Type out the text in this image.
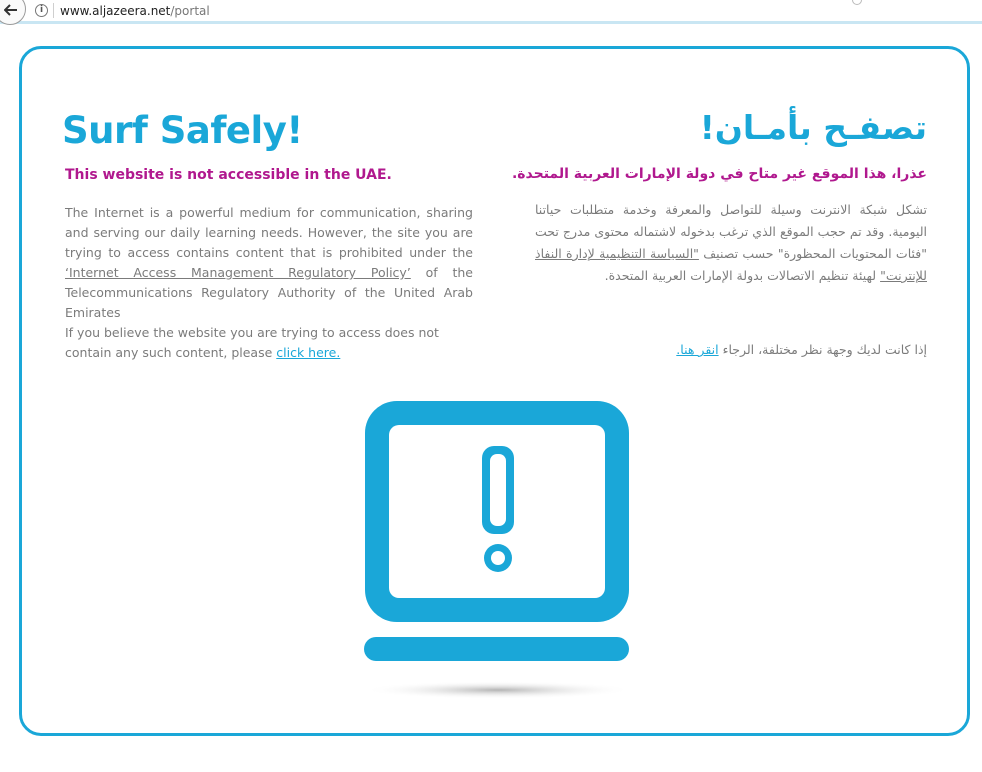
i	www.aljazeera.net/portal
Surf Safely!	تصفـح بأمـان!
This website is not accessible in the UAE.	عذرا، هذا الموقع غير متاح في دولة الإمارات العربية المتحدة.

The Internet is a powerful medium for communication, sharing and serving our daily learning needs. However, the site you are trying to access contains content that is prohibited under the ‘Internet Access Management Regulatory Policy’ of the Telecommunications Regulatory Authority of the United Arab Emirates

If you believe the website you are trying to access does not contain any such content, please click here.

تشكل شبكة الانترنت وسيلة للتواصل والمعرفة وخدمة متطلبات حياتنا اليومية. وقد تم حجب الموقع الذي ترغب بدخوله لاشتماله محتوى مدرج تحت "فئات المحتويات المحظورة" حسب تصنيف "السياسة التنظيمية لإدارة النفاذ للإنترنت" لهيئة تنظيم الاتصالات بدولة الإمارات العربية المتحدة.

إذا كانت لديك وجهة نظر مختلفة، الرجاء انقر هنا.
